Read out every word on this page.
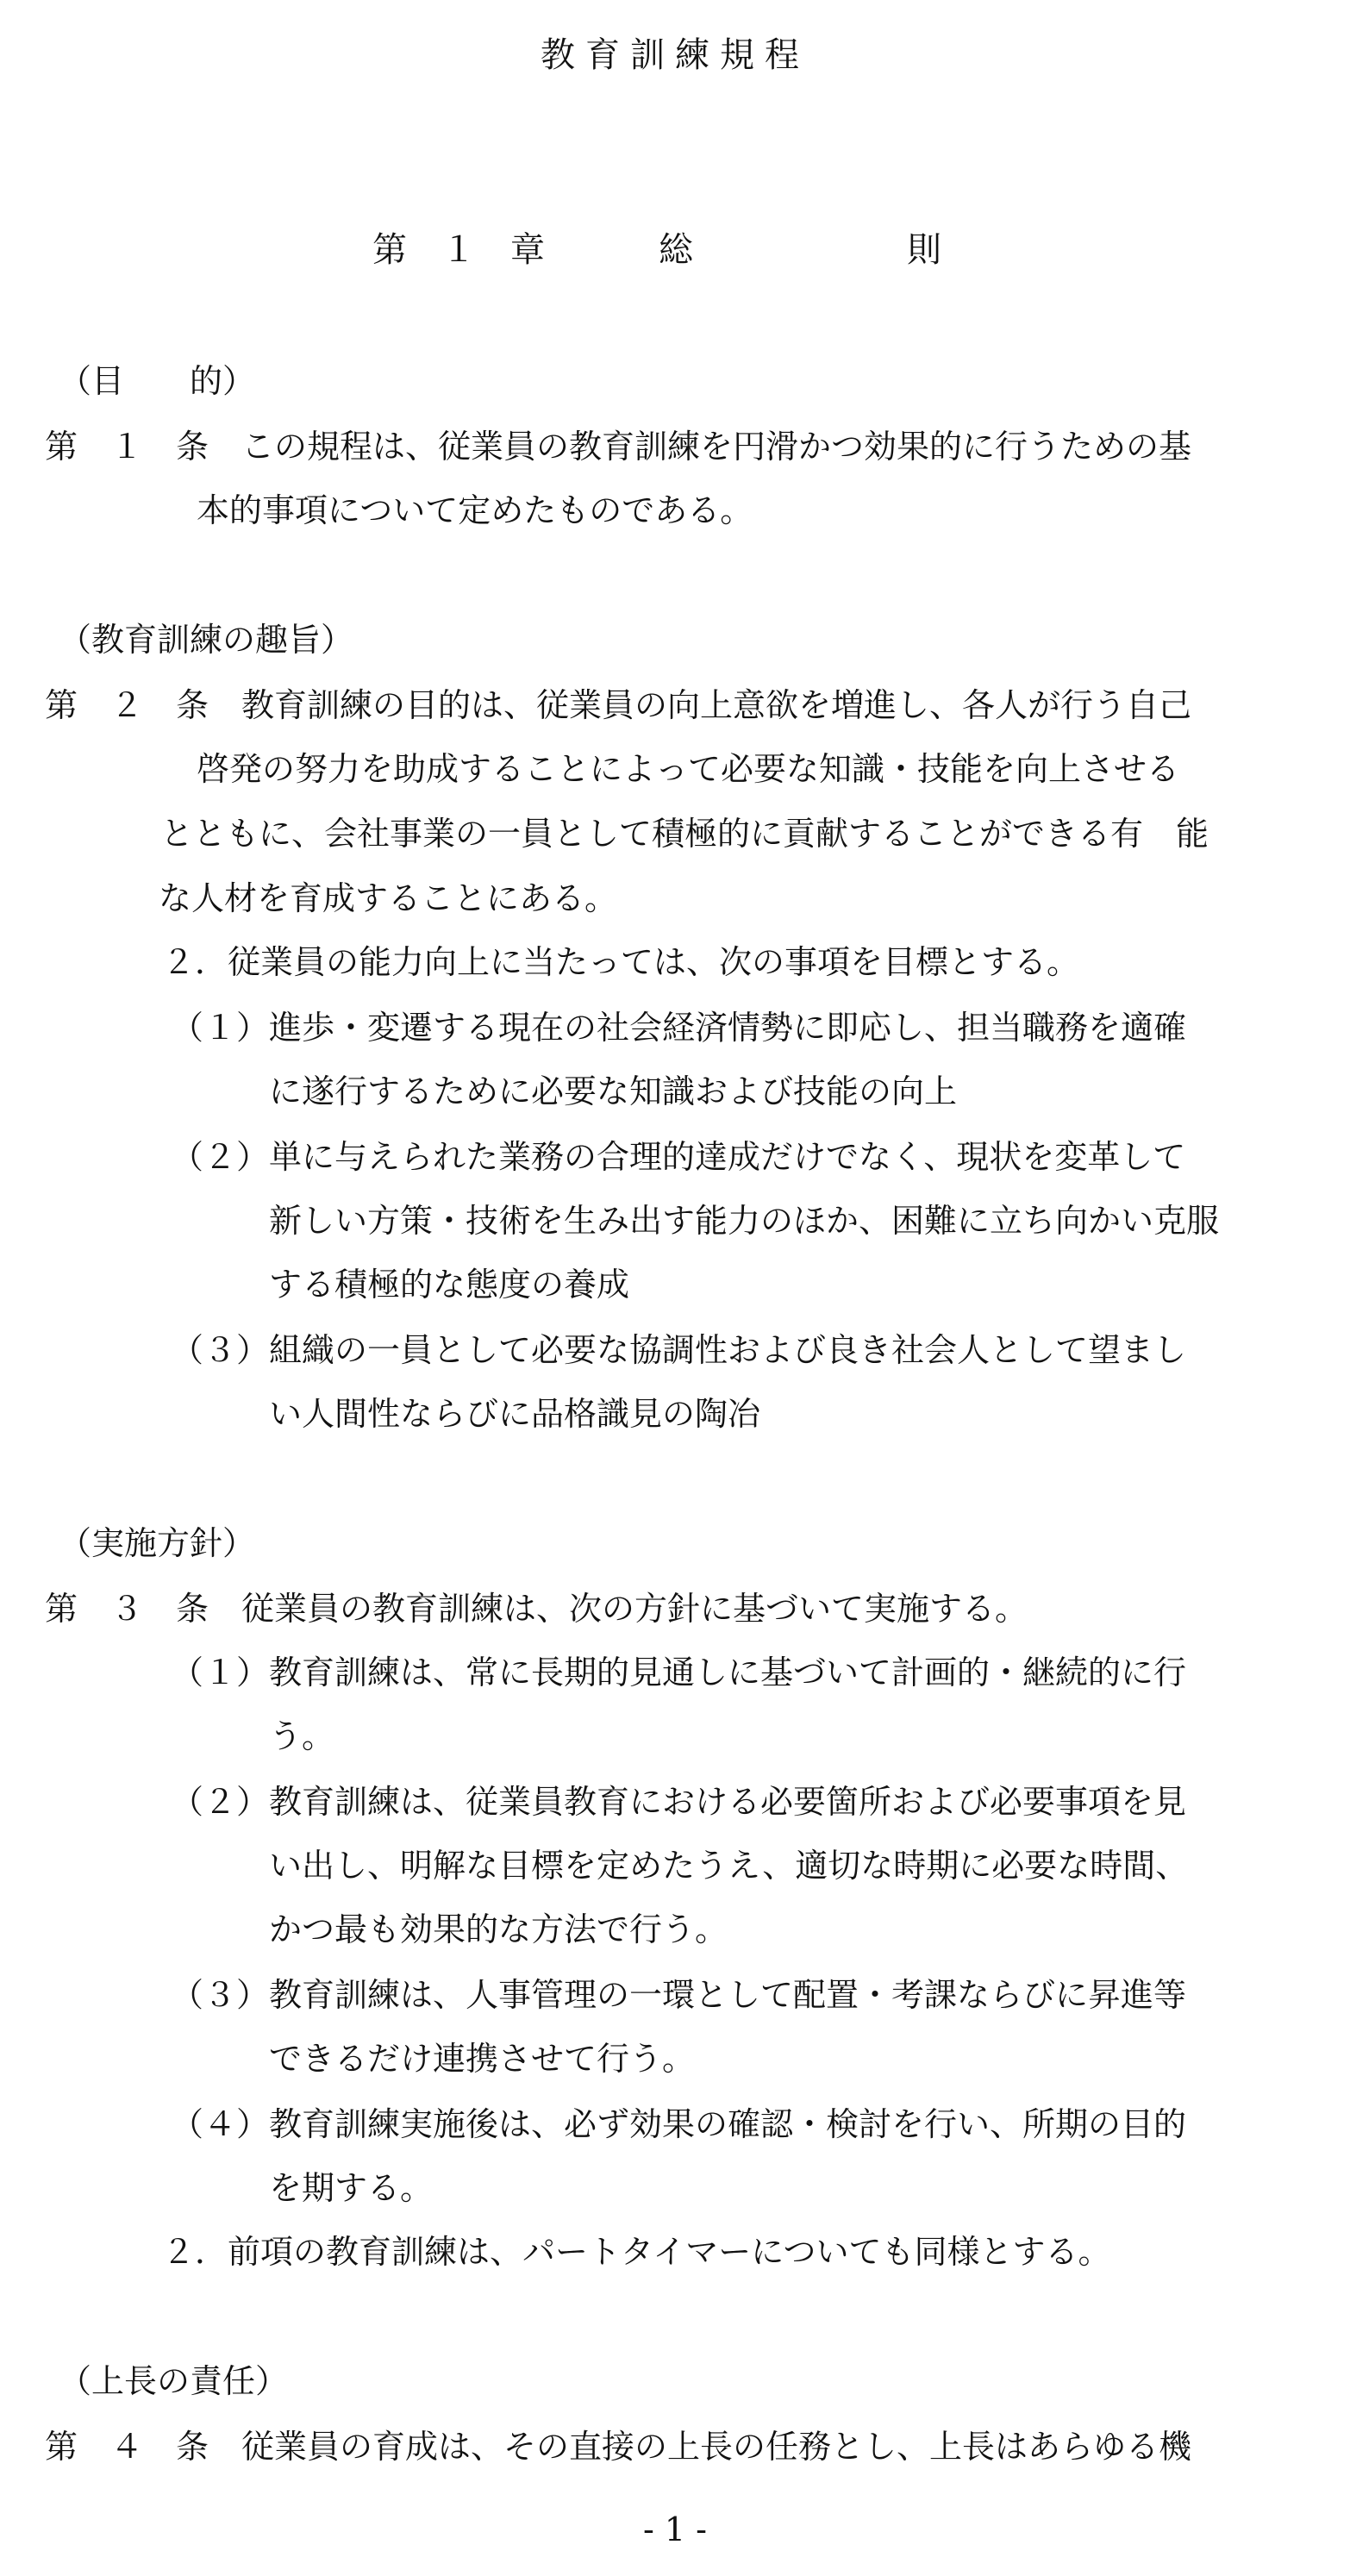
教育訓練規程
第　１　章	総	則
（目　　的）
第　１　条　この規程は、従業員の教育訓練を円滑かつ効果的に行うための基
本的事項について定めたものである。
（教育訓練の趣旨）
第　２　条　教育訓練の目的は、従業員の向上意欲を増進し、各人が行う自己
啓発の努力を助成することによって必要な知識・技能を向上させる
とともに、会社事業の一員として積極的に貢献することができる有　能
な人材を育成することにある。
２．従業員の能力向上に当たっては、次の事項を目標とする。
（１）進歩・変遷する現在の社会経済情勢に即応し、担当職務を適確
に遂行するために必要な知識および技能の向上
（２）単に与えられた業務の合理的達成だけでなく、現状を変革して
新しい方策・技術を生み出す能力のほか、困難に立ち向かい克服
する積極的な態度の養成
（３）組織の一員として必要な協調性および良き社会人として望まし
い人間性ならびに品格識見の陶冶
（実施方針）
第　３　条　従業員の教育訓練は、次の方針に基づいて実施する。
（１）教育訓練は、常に長期的見通しに基づいて計画的・継続的に行
う。
（２）教育訓練は、従業員教育における必要箇所および必要事項を見
い出し、明解な目標を定めたうえ、適切な時期に必要な時間、
かつ最も効果的な方法で行う。
（３）教育訓練は、人事管理の一環として配置・考課ならびに昇進等
できるだけ連携させて行う。
（４）教育訓練実施後は、必ず効果の確認・検討を行い、所期の目的
を期する。
２．前項の教育訓練は、パートタイマーについても同様とする。
（上長の責任）
第　４　条　従業員の育成は、その直接の上長の任務とし、上長はあらゆる機
- 1 -
